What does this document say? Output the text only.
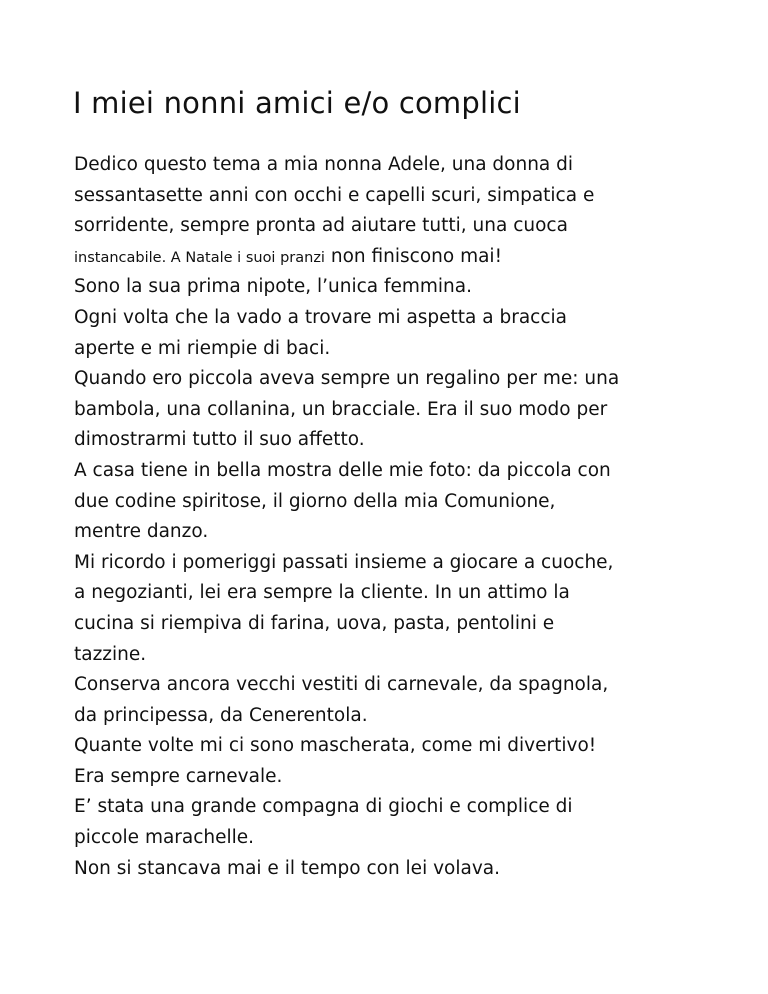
I miei nonni amici e/o complici
Dedico questo tema a mia nonna Adele, una donna di
sessantasette anni con occhi e capelli scuri, simpatica e
sorridente, sempre pronta ad aiutare tutti, una cuoca
instancabile. A Natale i suoi pranzi non finiscono mai!
Sono la sua prima nipote, l’unica femmina.
Ogni volta che la vado a trovare mi aspetta a braccia
aperte e mi riempie di baci.
Quando ero piccola aveva sempre un regalino per me: una
bambola, una collanina, un bracciale. Era il suo modo per
dimostrarmi tutto il suo affetto.
A casa tiene in bella mostra delle mie foto: da piccola con
due codine spiritose, il giorno della mia Comunione,
mentre danzo.
Mi ricordo i pomeriggi passati insieme a giocare a cuoche,
a negozianti, lei era sempre la cliente. In un attimo la
cucina si riempiva di farina, uova, pasta, pentolini e
tazzine.
Conserva ancora vecchi vestiti di carnevale, da spagnola,
da principessa, da Cenerentola.
Quante volte mi ci sono mascherata, come mi divertivo!
Era sempre carnevale.
E’ stata una grande compagna di giochi e complice di
piccole marachelle.
Non si stancava mai e il tempo con lei volava.
